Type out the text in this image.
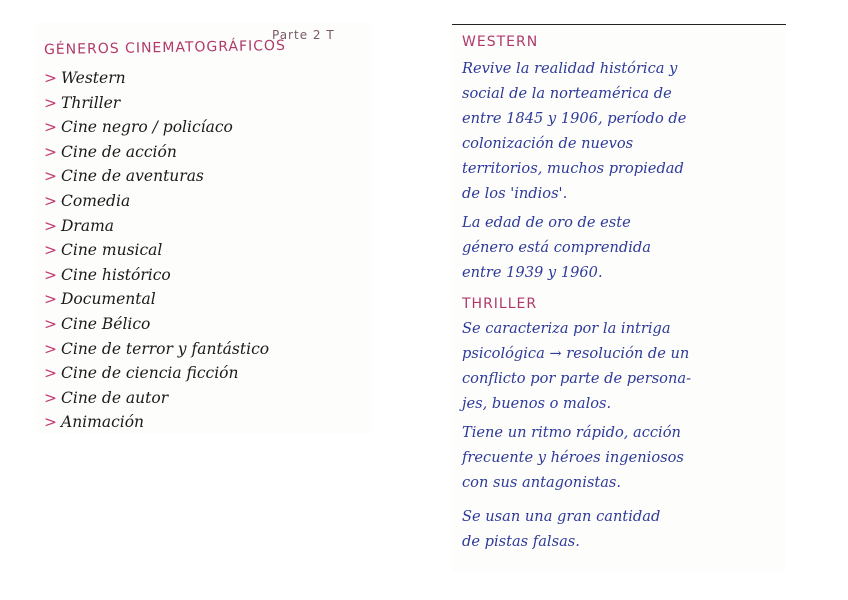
Parte 2 T
GÉNEROS CINEMATOGRÁFICOS
> Western
> Thriller
> Cine negro / policíaco
> Cine de acción
> Cine de aventuras
> Comedia
> Drama
> Cine musical
> Cine histórico
> Documental
> Cine Bélico
> Cine de terror y fantástico
> Cine de ciencia ficción
> Cine de autor
> Animación
WESTERN

Revive la realidad histórica y
social de la norteamérica de
entre 1845 y 1906, período de
colonización de nuevos
territorios, muchos propiedad
de los 'indios'.

La edad de oro de este
género está comprendida
entre 1939 y 1960.

THRILLER

Se caracteriza por la intriga
psicológica → resolución de un
conflicto por parte de persona-
jes, buenos o malos.

Tiene un ritmo rápido, acción
frecuente y héroes ingeniosos
con sus antagonistas.

Se usan una gran cantidad
de pistas falsas.
